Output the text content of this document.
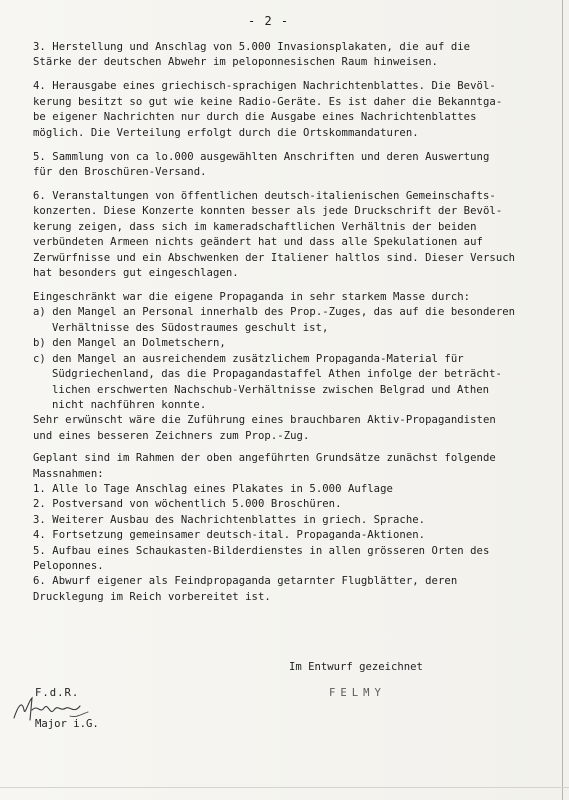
- 2 -
3. Herstellung und Anschlag von 5.000 Invasionsplakaten, die auf die
Stärke der deutschen Abwehr im peloponnesischen Raum hinweisen.
4. Herausgabe eines griechisch-sprachigen Nachrichtenblattes. Die Bevöl-
kerung besitzt so gut wie keine Radio-Geräte. Es ist daher die Bekanntga-
be eigener Nachrichten nur durch die Ausgabe eines Nachrichtenblattes
möglich. Die Verteilung erfolgt durch die Ortskommandaturen.
5. Sammlung von ca lo.000 ausgewählten Anschriften und deren Auswertung
für den Broschüren-Versand.
6. Veranstaltungen von öffentlichen deutsch-italienischen Gemeinschafts-
konzerten. Diese Konzerte konnten besser als jede Druckschrift der Bevöl-
kerung zeigen, dass sich im kameradschaftlichen Verhältnis der beiden
verbündeten Armeen nichts geändert hat und dass alle Spekulationen auf
Zerwürfnisse und ein Abschwenken der Italiener haltlos sind. Dieser Versuch
hat besonders gut eingeschlagen.
Eingeschränkt war die eigene Propaganda in sehr starkem Masse durch:
a) den Mangel an Personal innerhalb des Prop.-Zuges, das auf die besonderen
Verhältnisse des Südostraumes geschult ist,
b) den Mangel an Dolmetschern,
c) den Mangel an ausreichendem zusätzlichem Propaganda-Material für
Südgriechenland, das die Propagandastaffel Athen infolge der beträcht-
lichen erschwerten Nachschub-Verhältnisse zwischen Belgrad und Athen
nicht nachführen konnte.
Sehr erwünscht wäre die Zuführung eines brauchbaren Aktiv-Propagandisten
und eines besseren Zeichners zum Prop.-Zug.
Geplant sind im Rahmen der oben angeführten Grundsätze zunächst folgende
Massnahmen:
1. Alle lo Tage Anschlag eines Plakates in 5.000 Auflage
2. Postversand von wöchentlich 5.000 Broschüren.
3. Weiterer Ausbau des Nachrichtenblattes in griech. Sprache.
4. Fortsetzung gemeinsamer deutsch-ital. Propaganda-Aktionen.
5. Aufbau eines Schaukasten-Bilderdienstes in allen grösseren Orten des
Peloponnes.
6. Abwurf eigener als Feindpropaganda getarnter Flugblätter, deren
Drucklegung im Reich vorbereitet ist.
Im Entwurf gezeichnet
FELMY
F.d.R.
Major i.G.
